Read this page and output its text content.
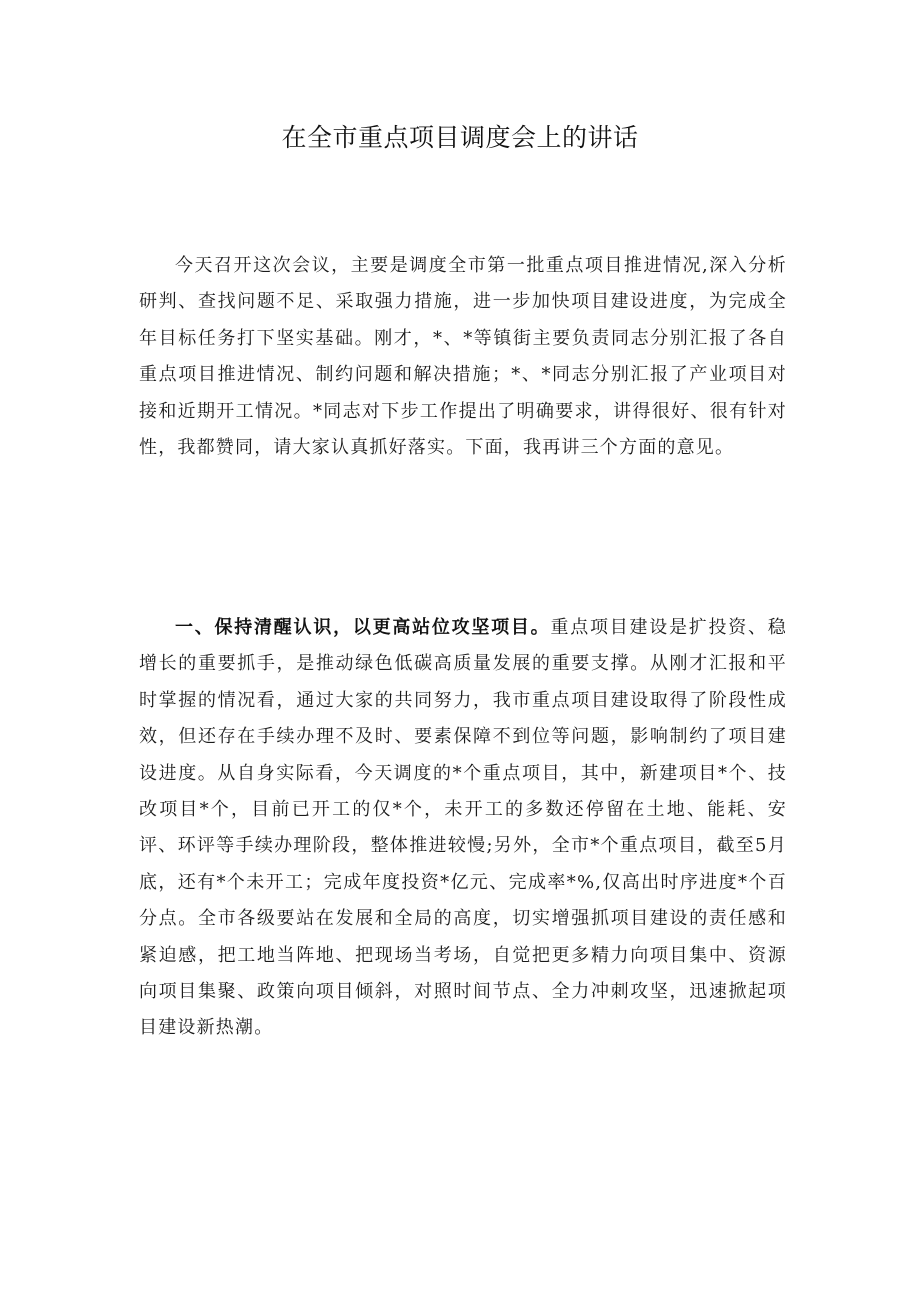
在全市重点项目调度会上的讲话

今天召开这次会议，主要是调度全市第一批重点项目推进情况,深入分析研判、查找问题不足、采取强力措施，进一步加快项目建设进度，为完成全年目标任务打下坚实基础。刚才，*、*等镇街主要负责同志分别汇报了各自重点项目推进情况、制约问题和解决措施；*、*同志分别汇报了产业项目对接和近期开工情况。*同志对下步工作提出了明确要求，讲得很好、很有针对性，我都赞同，请大家认真抓好落实。下面，我再讲三个方面的意见。

一、保持清醒认识，以更高站位攻坚项目。重点项目建设是扩投资、稳增长的重要抓手，是推动绿色低碳高质量发展的重要支撑。从刚才汇报和平时掌握的情况看，通过大家的共同努力，我市重点项目建设取得了阶段性成效，但还存在手续办理不及时、要素保障不到位等问题，影响制约了项目建设进度。从自身实际看，今天调度的*个重点项目，其中，新建项目*个、技改项目*个，目前已开工的仅*个，未开工的多数还停留在土地、能耗、安评、环评等手续办理阶段，整体推进较慢;另外，全市*个重点项目，截至5月底，还有*个未开工；完成年度投资*亿元、完成率*%,仅高出时序进度*个百分点。全市各级要站在发展和全局的高度，切实增强抓项目建设的责任感和紧迫感，把工地当阵地、把现场当考场，自觉把更多精力向项目集中、资源向项目集聚、政策向项目倾斜，对照时间节点、全力冲刺攻坚，迅速掀起项目建设新热潮。
